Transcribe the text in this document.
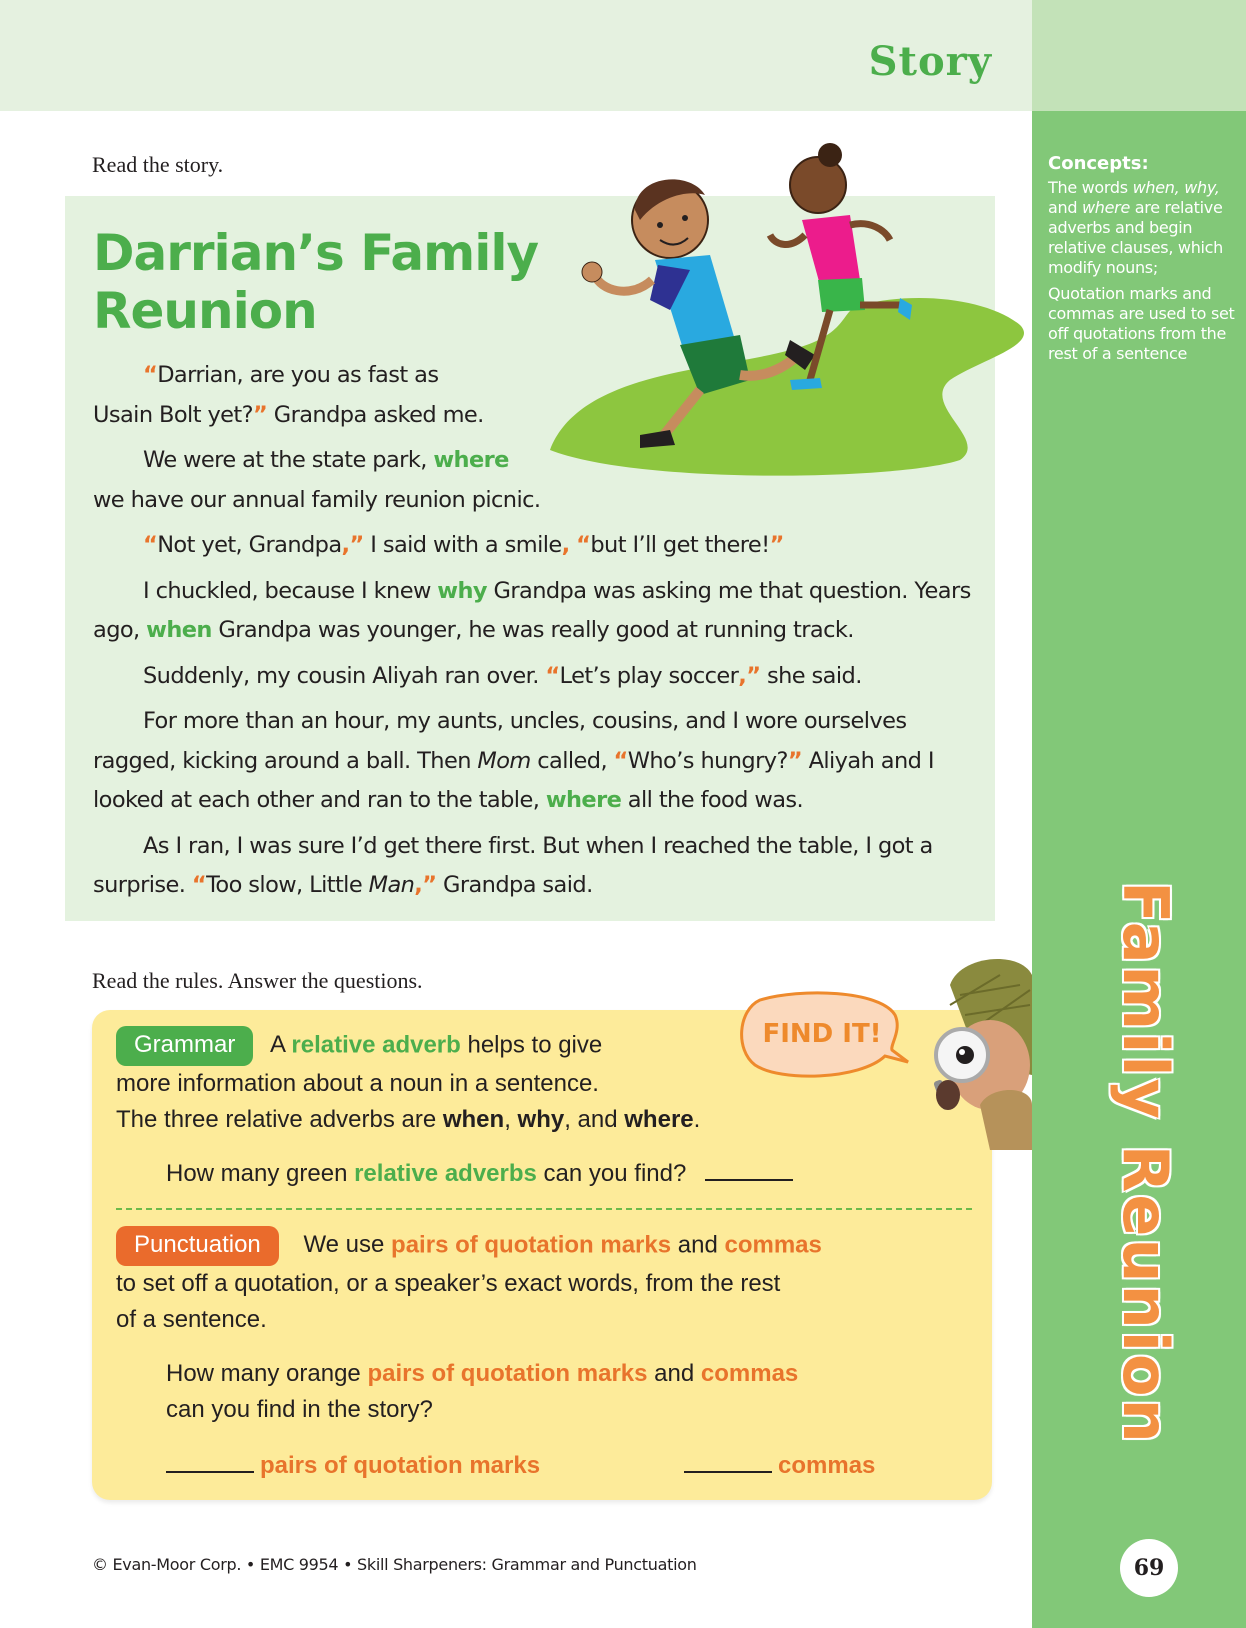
Story
Concepts:

The words when, why, and where are relative adverbs and begin relative clauses, which modify nouns;

Quotation marks and commas are used to set off quotations from the rest of a sentence

Family Reunion
69
Read the story.
Darrian’s Family
Reunion

“Darrian, are you as fast as
Usain Bolt yet?” Grandpa asked me.

We were at the state park, where
we have our annual family reunion picnic.

“Not yet, Grandpa,” I said with a smile, “but I’ll get there!”

I chuckled, because I knew why Grandpa was asking me that question. Years ago, when Grandpa was younger, he was really good at running track.

Suddenly, my cousin Aliyah ran over. “Let’s play soccer,” she said.

For more than an hour, my aunts, uncles, cousins, and I wore ourselves ragged, kicking around a ball. Then Mom called, “Who’s hungry?” Aliyah and I looked at each other and ran to the table, where all the food was.

As I ran, I was sure I’d get there first. But when I reached the table, I got a surprise. “Too slow, Little Man,” Grandpa said.

Read the rules. Answer the questions.
Grammar A relative adverb helps to give
more information about a noun in a sentence.
The three relative adverbs are when, why, and where.
How many green relative adverbs can you find?
Punctuation We use pairs of quotation marks and commas
to set off a quotation, or a speaker’s exact words, from the rest
of a sentence.
How many orange pairs of quotation marks and commas
can you find in the story?
pairs of quotation marks	commas
FIND IT!
© Evan-Moor Corp. • EMC 9954 • Skill Sharpeners: Grammar and Punctuation
